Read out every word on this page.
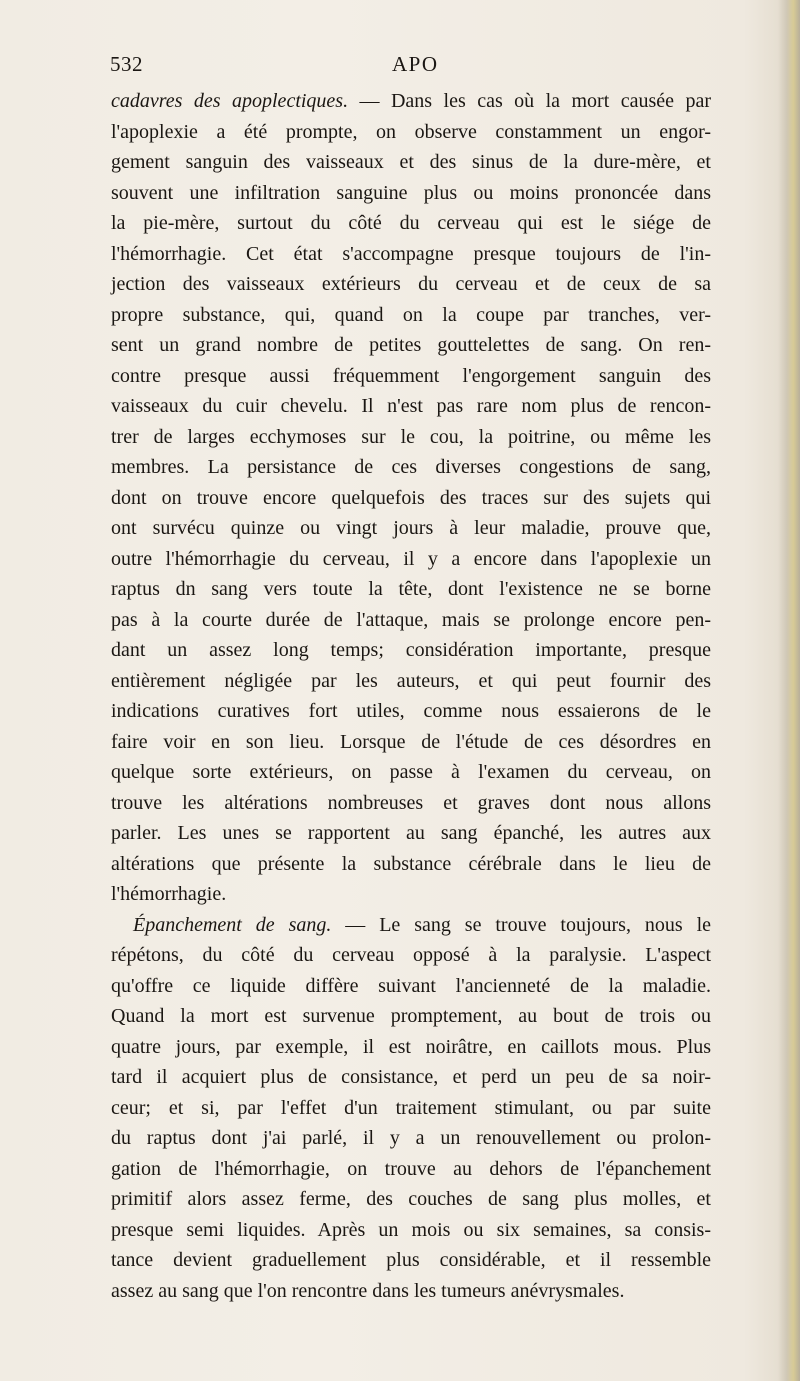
532	APO
cadavres des apoplectiques. — Dans les cas où la mort causée par
l'apoplexie a été prompte, on observe constamment un engor-
gement sanguin des vaisseaux et des sinus de la dure-mère, et
souvent une infiltration sanguine plus ou moins prononcée dans
la pie-mère, surtout du côté du cerveau qui est le siége de
l'hémorrhagie. Cet état s'accompagne presque toujours de l'in-
jection des vaisseaux extérieurs du cerveau et de ceux de sa
propre substance, qui, quand on la coupe par tranches, ver-
sent un grand nombre de petites gouttelettes de sang. On ren-
contre presque aussi fréquemment l'engorgement sanguin des
vaisseaux du cuir chevelu. Il n'est pas rare nom plus de rencon-
trer de larges ecchymoses sur le cou, la poitrine, ou même les
membres. La persistance de ces diverses congestions de sang,
dont on trouve encore quelquefois des traces sur des sujets qui
ont survécu quinze ou vingt jours à leur maladie, prouve que,
outre l'hémorrhagie du cerveau, il y a encore dans l'apoplexie un
raptus dn sang vers toute la tête, dont l'existence ne se borne
pas à la courte durée de l'attaque, mais se prolonge encore pen-
dant un assez long temps; considération importante, presque
entièrement négligée par les auteurs, et qui peut fournir des
indications curatives fort utiles, comme nous essaierons de le
faire voir en son lieu. Lorsque de l'étude de ces désordres en
quelque sorte extérieurs, on passe à l'examen du cerveau, on
trouve les altérations nombreuses et graves dont nous allons
parler. Les unes se rapportent au sang épanché, les autres aux
altérations que présente la substance cérébrale dans le lieu de
l'hémorrhagie.
Épanchement de sang. — Le sang se trouve toujours, nous le
répétons, du côté du cerveau opposé à la paralysie. L'aspect
qu'offre ce liquide diffère suivant l'ancienneté de la maladie.
Quand la mort est survenue promptement, au bout de trois ou
quatre jours, par exemple, il est noirâtre, en caillots mous. Plus
tard il acquiert plus de consistance, et perd un peu de sa noir-
ceur; et si, par l'effet d'un traitement stimulant, ou par suite
du raptus dont j'ai parlé, il y a un renouvellement ou prolon-
gation de l'hémorrhagie, on trouve au dehors de l'épanchement
primitif alors assez ferme, des couches de sang plus molles, et
presque semi liquides. Après un mois ou six semaines, sa consis-
tance devient graduellement plus considérable, et il ressemble
assez au sang que l'on rencontre dans les tumeurs anévrysmales.
